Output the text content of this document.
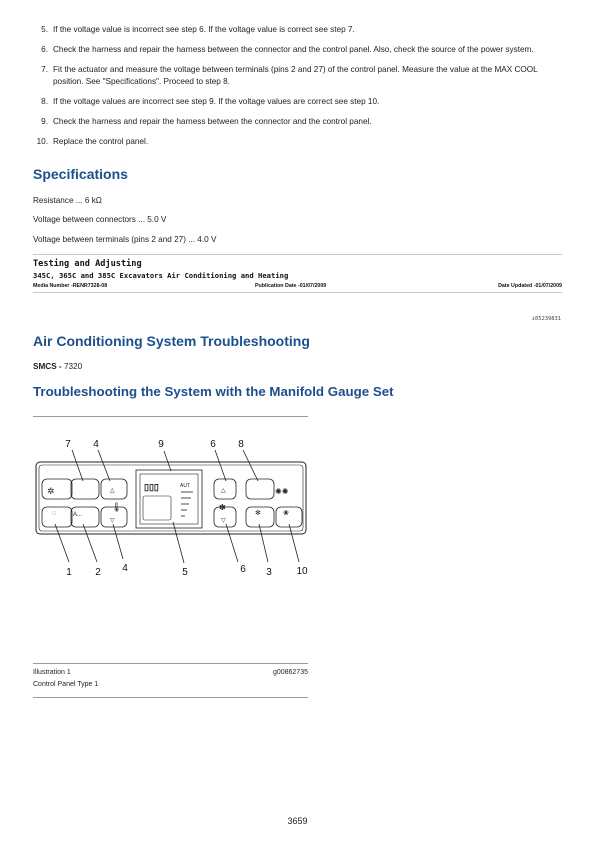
5. If the voltage value is incorrect see step 6. If the voltage value is correct see step 7.
6. Check the harness and repair the harness between the connector and the control panel. Also, check the source of the power system.
7. Fit the actuator and measure the voltage between terminals (pins 2 and 27) of the control panel. Measure the value at the MAX COOL position. See "Specifications". Proceed to step 8.
8. If the voltage values are incorrect see step 9. If the voltage values are correct see step 10.
9. Check the harness and repair the harness between the connector and the control panel.
10. Replace the control panel.
Specifications

Resistance ... 6 kΩ

Voltage between connectors ... 5.0 V

Voltage between terminals (pins 2 and 27) ... 4.0 V

Testing and Adjusting
345C, 365C and 385C Excavators Air Conditioning and Heating
Media Number -RENR7328-08	Publication Date -01/07/2009	Date Updated -01/07/2009
i05239831
Air Conditioning System Troubleshooting

SMCS - 7320

Troubleshooting the System with the Manifold Gauge Set
✲
◌	A...
△
🌡
▽
▯▯▯	AUT
△
✽
▽
✺✺
✻	❀
7 4	9	6 8
1 2 4	5	6 3 10
Illustration 1	g00862735
Control Panel Type 1
3659
